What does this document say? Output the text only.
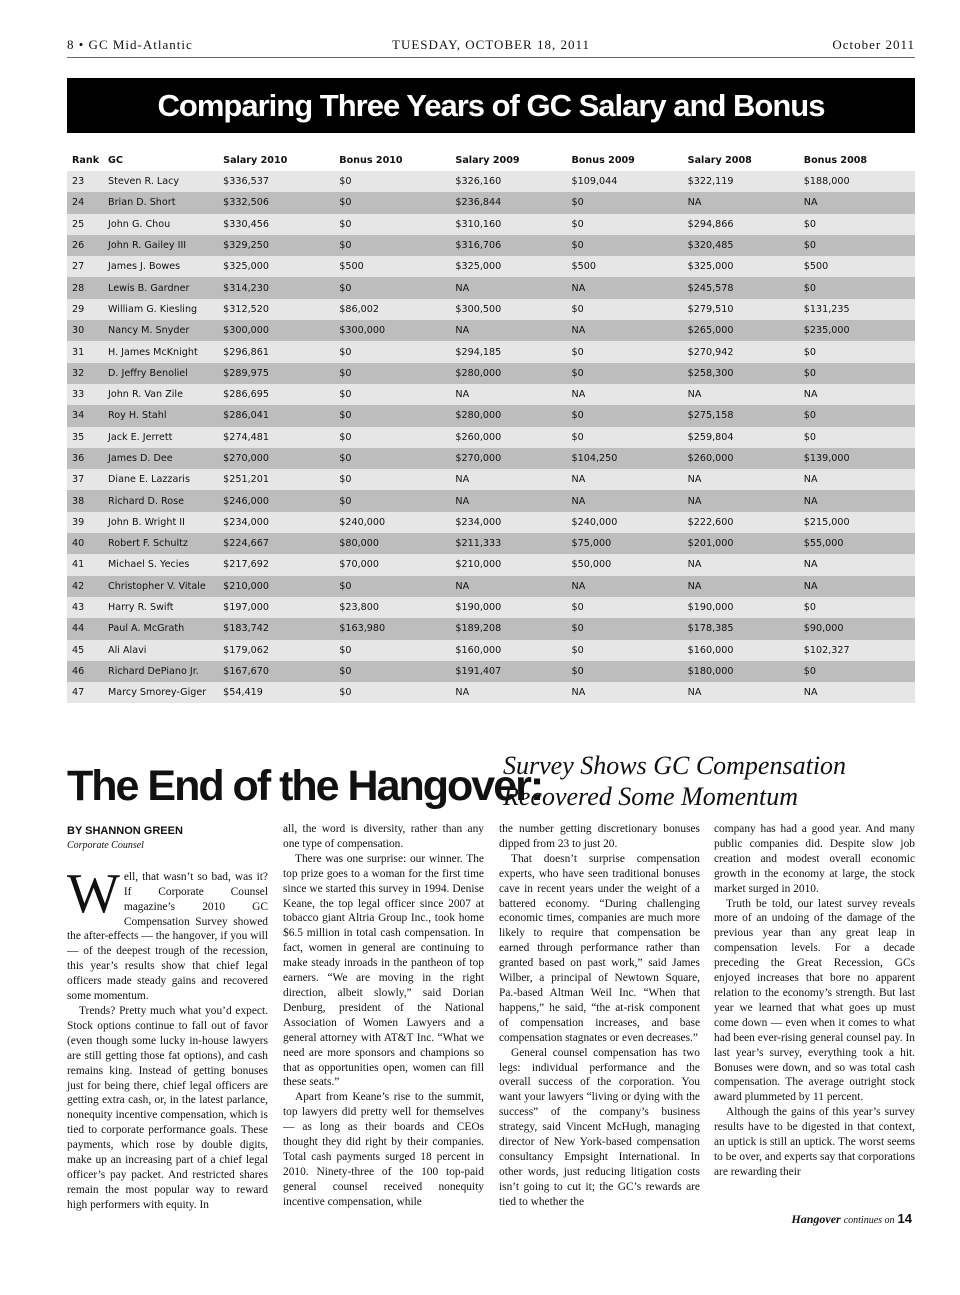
8 • GC Mid-Atlantic	TUESDAY, OCTOBER 18, 2011	October 2011
Comparing Three Years of GC Salary and Bonus
Rank	GC	Salary 2010	Bonus 2010	Salary 2009	Bonus 2009	Salary 2008	Bonus 2008
23	Steven R. Lacy	$336,537	$0	$326,160	$109,044	$322,119	$188,000
24	Brian D. Short	$332,506	$0	$236,844	$0	NA	NA
25	John G. Chou	$330,456	$0	$310,160	$0	$294,866	$0
26	John R. Gailey III	$329,250	$0	$316,706	$0	$320,485	$0
27	James J. Bowes	$325,000	$500	$325,000	$500	$325,000	$500
28	Lewis B. Gardner	$314,230	$0	NA	NA	$245,578	$0
29	William G. Kiesling	$312,520	$86,002	$300,500	$0	$279,510	$131,235
30	Nancy M. Snyder	$300,000	$300,000	NA	NA	$265,000	$235,000
31	H. James McKnight	$296,861	$0	$294,185	$0	$270,942	$0
32	D. Jeffry Benoliel	$289,975	$0	$280,000	$0	$258,300	$0
33	John R. Van Zile	$286,695	$0	NA	NA	NA	NA
34	Roy H. Stahl	$286,041	$0	$280,000	$0	$275,158	$0
35	Jack E. Jerrett	$274,481	$0	$260,000	$0	$259,804	$0
36	James D. Dee	$270,000	$0	$270,000	$104,250	$260,000	$139,000
37	Diane E. Lazzaris	$251,201	$0	NA	NA	NA	NA
38	Richard D. Rose	$246,000	$0	NA	NA	NA	NA
39	John B. Wright II	$234,000	$240,000	$234,000	$240,000	$222,600	$215,000
40	Robert F. Schultz	$224,667	$80,000	$211,333	$75,000	$201,000	$55,000
41	Michael S. Yecies	$217,692	$70,000	$210,000	$50,000	NA	NA
42	Christopher V. Vitale	$210,000	$0	NA	NA	NA	NA
43	Harry R. Swift	$197,000	$23,800	$190,000	$0	$190,000	$0
44	Paul A. McGrath	$183,742	$163,980	$189,208	$0	$178,385	$90,000
45	Ali Alavi	$179,062	$0	$160,000	$0	$160,000	$102,327
46	Richard DePiano Jr.	$167,670	$0	$191,407	$0	$180,000	$0
47	Marcy Smorey-Giger	$54,419	$0	NA	NA	NA	NA
The End of the Hangover:
Survey Shows GC Compensation
Recovered Some Momentum
BY SHANNON GREEN
Corporate Counsel

Well, that wasn’t so bad, was it? If Corporate Counsel magazine’s 2010 GC Compensation Survey showed the after-effects — the hangover, if you will — of the deepest trough of the recession, this year’s results show that chief legal officers made steady gains and recovered some momentum.

Trends? Pretty much what you’d expect. Stock options continue to fall out of favor (even though some lucky in-house lawyers are still getting those fat options), and cash remains king. Instead of getting bonuses just for being there, chief legal officers are getting extra cash, or, in the latest parlance, nonequity incentive compensation, which is tied to corporate performance goals. These payments, which rose by double digits, make up an increasing part of a chief legal officer’s pay packet. And restricted shares remain the most popular way to reward high performers with equity. In

all, the word is diversity, rather than any one type of compensation.

There was one surprise: our winner. The top prize goes to a woman for the first time since we started this survey in 1994. Denise Keane, the top legal officer since 2007 at tobacco giant Altria Group Inc., took home $6.5 million in total cash compensation. In fact, women in general are continuing to make steady inroads in the pantheon of top earners. “We are moving in the right direction, albeit slowly,” said Dorian Denburg, president of the National Association of Women Lawyers and a general attorney with AT&T Inc. “What we need are more sponsors and champions so that as opportunities open, women can fill these seats.”

Apart from Keane’s rise to the summit, top lawyers did pretty well for themselves — as long as their boards and CEOs thought they did right by their companies. Total cash payments surged 18 percent in 2010. Ninety-three of the 100 top-paid general counsel received nonequity incentive compensation, while

the number getting discretionary bonuses dipped from 23 to just 20.

That doesn’t surprise compensation experts, who have seen traditional bonuses cave in recent years under the weight of a battered economy. “During challenging economic times, companies are much more likely to require that compensation be earned through performance rather than granted based on past work,” said James Wilber, a principal of Newtown Square, Pa.-based Altman Weil Inc. “When that happens,” he said, “the at-risk component of compensation increases, and base compensation stagnates or even decreases.”

General counsel compensation has two legs: individual performance and the overall success of the corporation. You want your lawyers “living or dying with the success” of the company’s business strategy, said Vincent McHugh, managing director of New York-based compensation consultancy Empsight International. In other words, just reducing litigation costs isn’t going to cut it; the GC’s rewards are tied to whether the

company has had a good year. And many public companies did. Despite slow job creation and modest overall economic growth in the economy at large, the stock market surged in 2010.

Truth be told, our latest survey reveals more of an undoing of the damage of the previous year than any great leap in compensation levels. For a decade preceding the Great Recession, GCs enjoyed increases that bore no apparent relation to the economy’s strength. But last year we learned that what goes up must come down — even when it comes to what had been ever-rising general counsel pay. In last year’s survey, everything took a hit. Bonuses were down, and so was total cash compensation. The average outright stock award plummeted by 11 percent.

Although the gains of this year’s survey results have to be digested in that context, an uptick is still an uptick. The worst seems to be over, and experts say that corporations are rewarding their

Hangover continues on 14
